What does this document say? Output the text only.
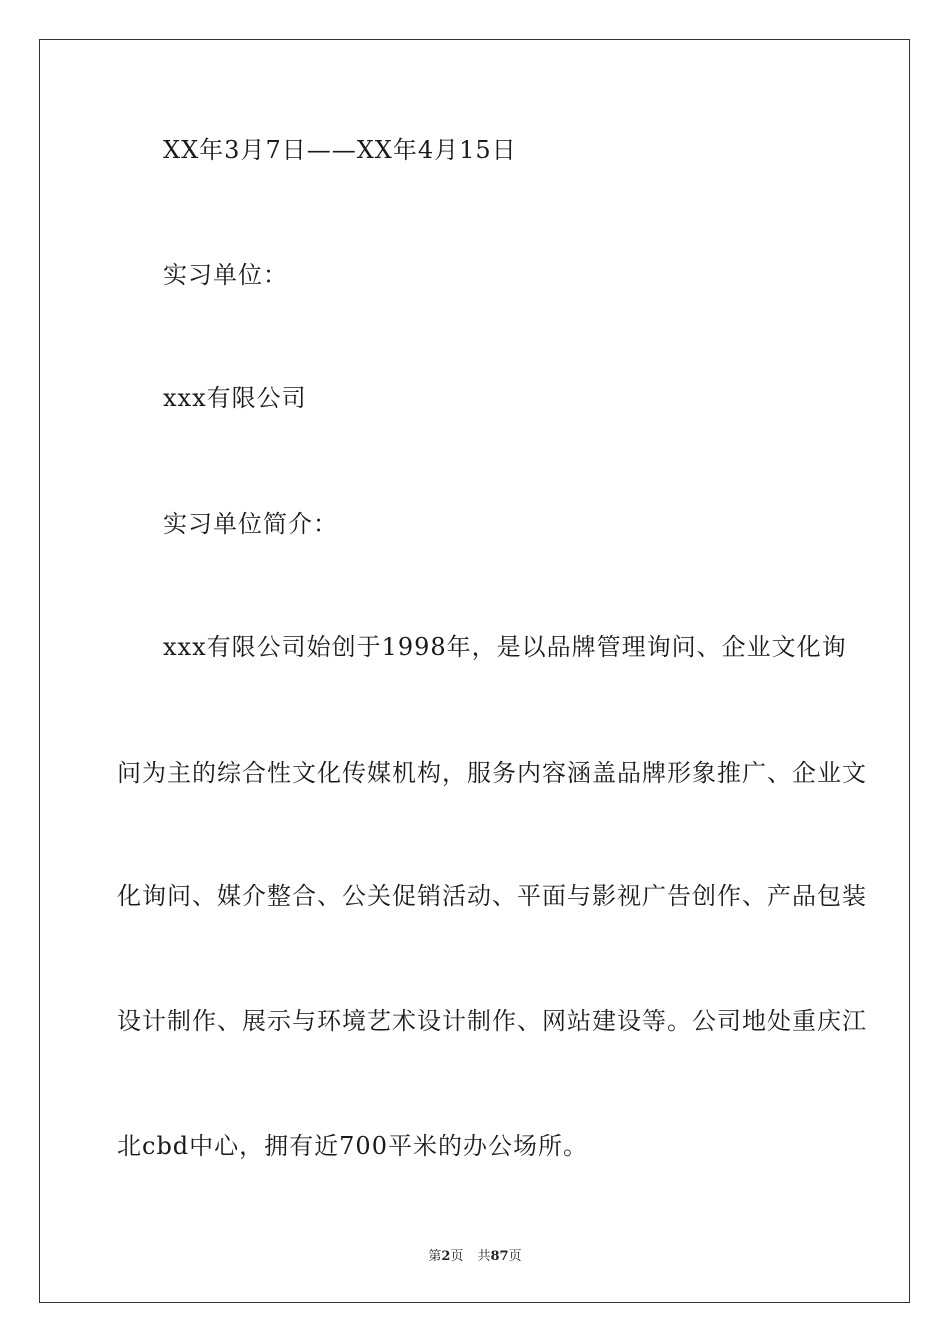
XX年3月7日——XX年4月15日
实习单位：
xxx有限公司
实习单位简介：
xxx有限公司始创于1998年，是以品牌管理询问、企业文化询
问为主的综合性文化传媒机构，服务内容涵盖品牌形象推广、企业文
化询问、媒介整合、公关促销活动、平面与影视广告创作、产品包装
设计制作、展示与环境艺术设计制作、网站建设等。公司地处重庆江
北cbd中心，拥有近700平米的办公场所。
第2页 共87页
